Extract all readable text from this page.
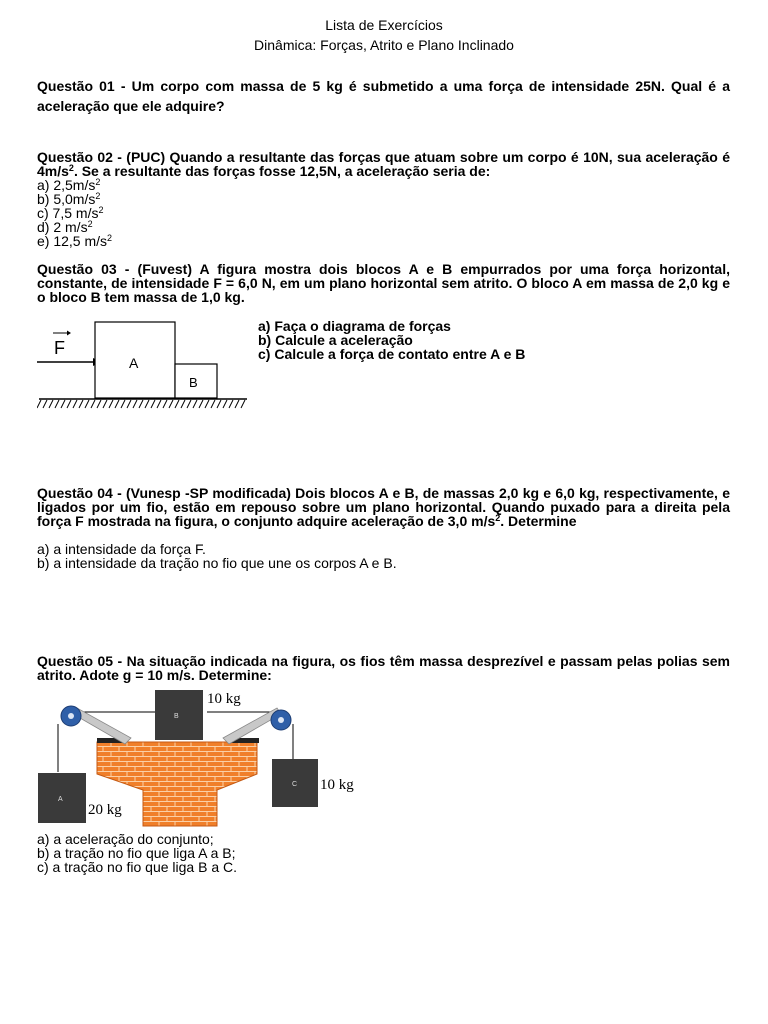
Lista de Exercícios
Dinâmica: Forças, Atrito e Plano Inclinado
Questão 01 - Um corpo com massa de 5 kg é submetido a uma força de intensidade 25N. Qual é a aceleração que ele adquire?
Questão 02 - (PUC) Quando a resultante das forças que atuam sobre um corpo é 10N, sua aceleração é $4m/s^2$. Se a resultante das forças fosse 12,5N, a aceleração seria de:
a) $2,5m/s^2$
b) $5,0m/s^2$
c) 7,5 $m/s^2$
d) 2 $m/s^2$
e) 12,5 $m/s^2$
Questão 03 - (Fuvest) A figura mostra dois blocos A e B empurrados por uma força horizontal, constante, de intensidade F = 6,0 N, em um plano horizontal sem atrito. O bloco A em massa de 2,0 kg e o bloco B tem massa de 1,0 kg.
F
A
B
a) Faça o diagrama de forças
b) Calcule a aceleração
c) Calcule a força de contato entre A e B
Questão 04 - (Vunesp -SP modificada) Dois blocos A e B, de massas 2,0 kg e 6,0 kg, respectivamente, e ligados por um fio, estão em repouso sobre um plano horizontal. Quando puxado para a direita pela força F mostrada na figura, o conjunto adquire aceleração de 3,0 $m/s^2$. Determine
a) a intensidade da força F.
b) a intensidade da tração no fio que une os corpos A e B.
Questão 05 - Na situação indicada na figura, os fios têm massa desprezível e passam pelas polias sem atrito. Adote g = 10 m/s. Determine:
B
A
C
10 kg
20 kg
10 kg
a) a aceleração do conjunto;
b) a tração no fio que liga A a B;
c) a tração no fio que liga B a C.
